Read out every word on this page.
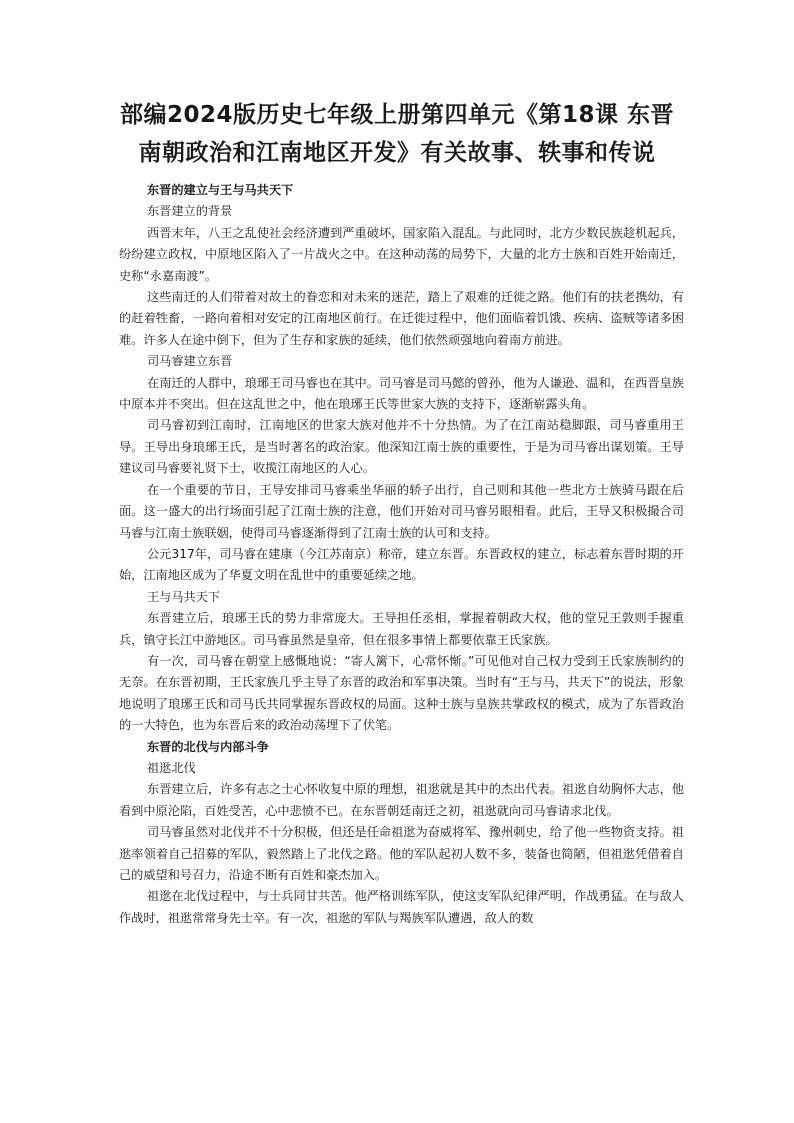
部编2024版历史七年级上册第四单元《第18课 东晋南朝政治和江南地区开发》有关故事、轶事和传说

东晋的建立与王与马共天下

东晋建立的背景

西晋末年，八王之乱使社会经济遭到严重破坏，国家陷入混乱。与此同时，北方少数民族趁机起兵，纷纷建立政权，中原地区陷入了一片战火之中。在这种动荡的局势下，大量的北方士族和百姓开始南迁，史称“永嘉南渡”。

这些南迁的人们带着对故土的眷恋和对未来的迷茫，踏上了艰难的迁徙之路。他们有的扶老携幼，有的赶着牲畜，一路向着相对安定的江南地区前行。在迁徙过程中，他们面临着饥饿、疾病、盗贼等诸多困难。许多人在途中倒下，但为了生存和家族的延续，他们依然顽强地向着南方前进。

司马睿建立东晋

在南迁的人群中，琅琊王司马睿也在其中。司马睿是司马懿的曾孙，他为人谦逊、温和，在西晋皇族中原本并不突出。但在这乱世之中，他在琅琊王氏等世家大族的支持下，逐渐崭露头角。

司马睿初到江南时，江南地区的世家大族对他并不十分热情。为了在江南站稳脚跟，司马睿重用王导。王导出身琅琊王氏，是当时著名的政治家。他深知江南士族的重要性，于是为司马睿出谋划策。王导建议司马睿要礼贤下士，收揽江南地区的人心。

在一个重要的节日，王导安排司马睿乘坐华丽的轿子出行，自己则和其他一些北方士族骑马跟在后面。这一盛大的出行场面引起了江南士族的注意，他们开始对司马睿另眼相看。此后，王导又积极撮合司马睿与江南士族联姻，使得司马睿逐渐得到了江南士族的认可和支持。

公元317年，司马睿在建康（今江苏南京）称帝，建立东晋。东晋政权的建立，标志着东晋时期的开始，江南地区成为了华夏文明在乱世中的重要延续之地。

王与马共天下

东晋建立后，琅琊王氏的势力非常庞大。王导担任丞相，掌握着朝政大权，他的堂兄王敦则手握重兵，镇守长江中游地区。司马睿虽然是皇帝，但在很多事情上都要依靠王氏家族。

有一次，司马睿在朝堂上感慨地说：“寄人篱下，心常怀惭。”可见他对自己权力受到王氏家族制约的无奈。在东晋初期，王氏家族几乎主导了东晋的政治和军事决策。当时有“王与马，共天下”的说法，形象地说明了琅琊王氏和司马氏共同掌握东晋政权的局面。这种士族与皇族共掌政权的模式，成为了东晋政治的一大特色，也为东晋后来的政治动荡埋下了伏笔。

东晋的北伐与内部斗争

祖逖北伐

东晋建立后，许多有志之士心怀收复中原的理想，祖逖就是其中的杰出代表。祖逖自幼胸怀大志，他看到中原沦陷，百姓受苦，心中悲愤不已。在东晋朝廷南迁之初，祖逖就向司马睿请求北伐。

司马睿虽然对北伐并不十分积极，但还是任命祖逖为奋威将军、豫州刺史，给了他一些物资支持。祖逖率领着自己招募的军队，毅然踏上了北伐之路。他的军队起初人数不多，装备也简陋，但祖逖凭借着自己的威望和号召力，沿途不断有百姓和豪杰加入。

祖逖在北伐过程中，与士兵同甘共苦。他严格训练军队，使这支军队纪律严明，作战勇猛。在与敌人作战时，祖逖常常身先士卒。有一次，祖逖的军队与羯族军队遭遇，敌人的数
